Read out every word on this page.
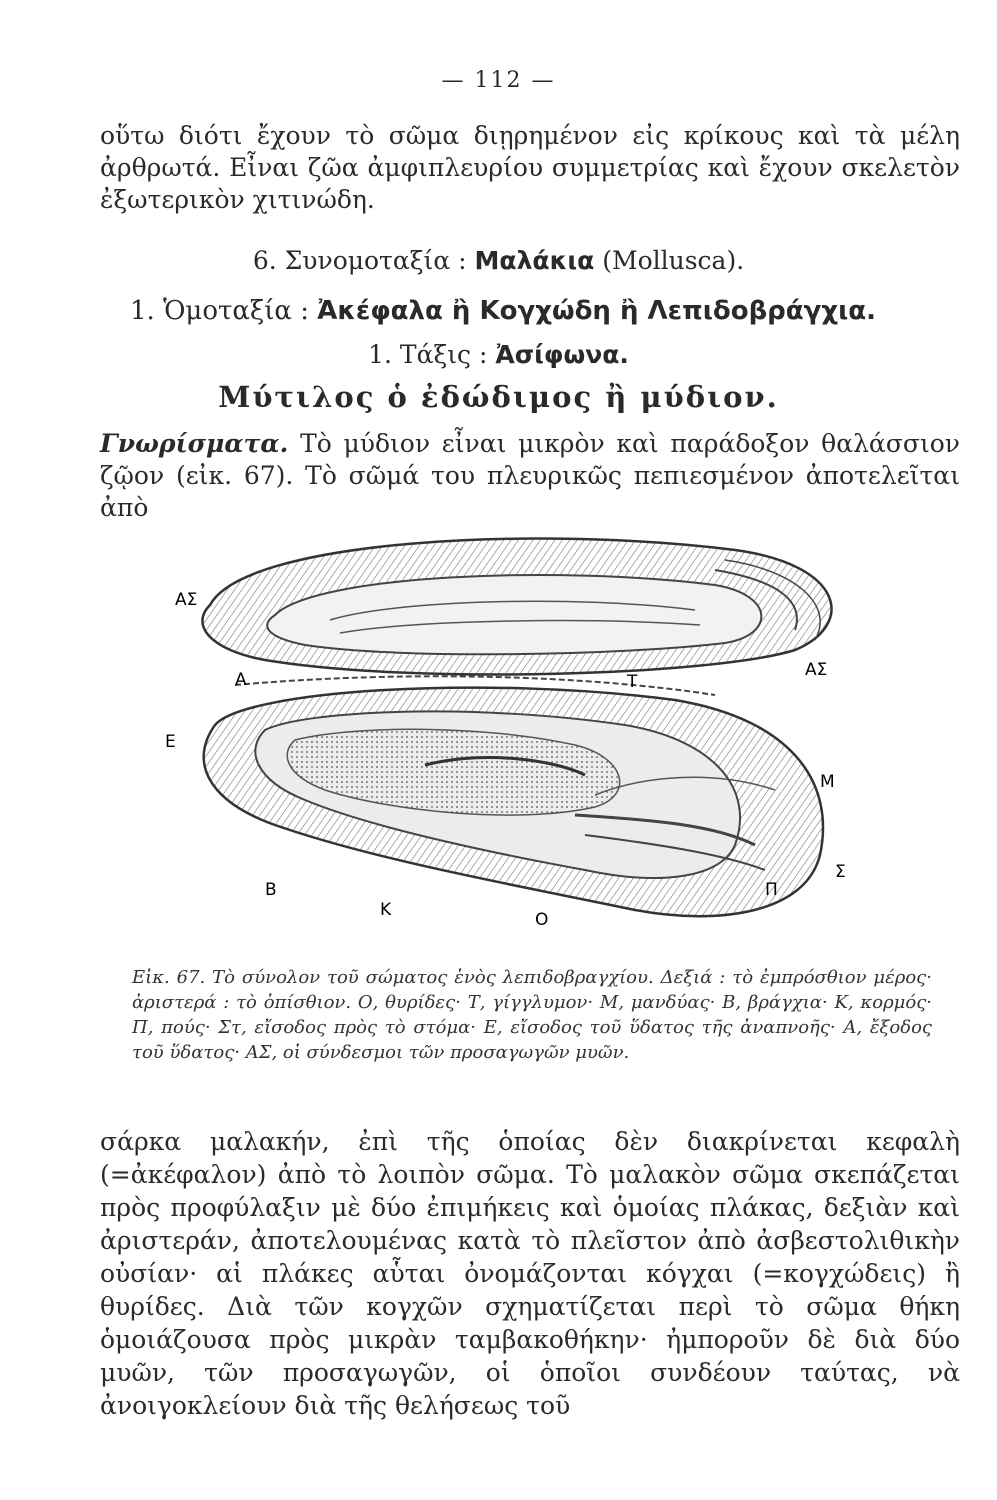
— 112 —
οὕτω διότι ἔχουν τὸ σῶμα διῃρημένον εἰς κρίκους καὶ τὰ μέλη ἀρθρωτά. Εἶναι ζῶα ἀμφιπλευρίου συμμετρίας καὶ ἔχουν σκελετὸν ἐξωτερικὸν χιτινώδη.
6. Συνομοταξία : Μαλάκια (Mollusca).
1. Ὁμοταξία : Ἀκέφαλα ἢ Κογχώδη ἢ Λεπιδοβράγχια.
1. Τάξις : Ἀσίφωνα.
Μύτιλος ὁ ἐδώδιμος ἢ μύδιον.
Γνωρίσματα. Τὸ μύδιον εἶναι μικρὸν καὶ παράδοξον θαλάσσιον ζῷον (εἰκ. 67). Τὸ σῶμά του πλευρικῶς πεπιεσμένον ἀποτελεῖται ἀπὸ
ΑΣ
ΑΣ
Α	Τ
Ε
Μ
Β
Κ
Σ
Π
Ο
Εἰκ. 67. Τὸ σύνολον τοῦ σώματος ἑνὸς λεπιδοβραγχίου. Δεξιά : τὸ ἐμπρόσθιον μέρος· ἀριστερά : τὸ ὀπίσθιον. Ο, θυρίδες· Τ, γίγγλυμον· Μ, μανδύας· Β, βράγχια· Κ, κορμός· Π, πούς· Στ, εἴσοδος πρὸς τὸ στόμα· Ε, εἴσοδος τοῦ ὕδατος τῆς ἀναπνοῆς· Α, ἔξοδος τοῦ ὕδατος· ΑΣ, οἱ σύνδεσμοι τῶν προσαγωγῶν μυῶν.
σάρκα μαλακήν, ἐπὶ τῆς ὁποίας δὲν διακρίνεται κεφαλὴ (=ἀκέφαλον) ἀπὸ τὸ λοιπὸν σῶμα. Τὸ μαλακὸν σῶμα σκεπάζεται πρὸς προφύλαξιν μὲ δύο ἐπιμήκεις καὶ ὁμοίας πλάκας, δεξιὰν καὶ ἀριστεράν, ἀποτελουμένας κατὰ τὸ πλεῖστον ἀπὸ ἀσβεστολιθικὴν οὐσίαν· αἱ πλάκες αὗται ὀνομάζονται κόγχαι (=κογχώδεις) ἢ θυρίδες. Διὰ τῶν κογχῶν σχηματίζεται περὶ τὸ σῶμα θήκη ὁμοιάζουσα πρὸς μικρὰν ταμβακοθήκην· ἠμποροῦν δὲ διὰ δύο μυῶν, τῶν προσαγωγῶν, οἱ ὁποῖοι συνδέουν ταύτας, νὰ ἀνοιγοκλείουν διὰ τῆς θελήσεως τοῦ
